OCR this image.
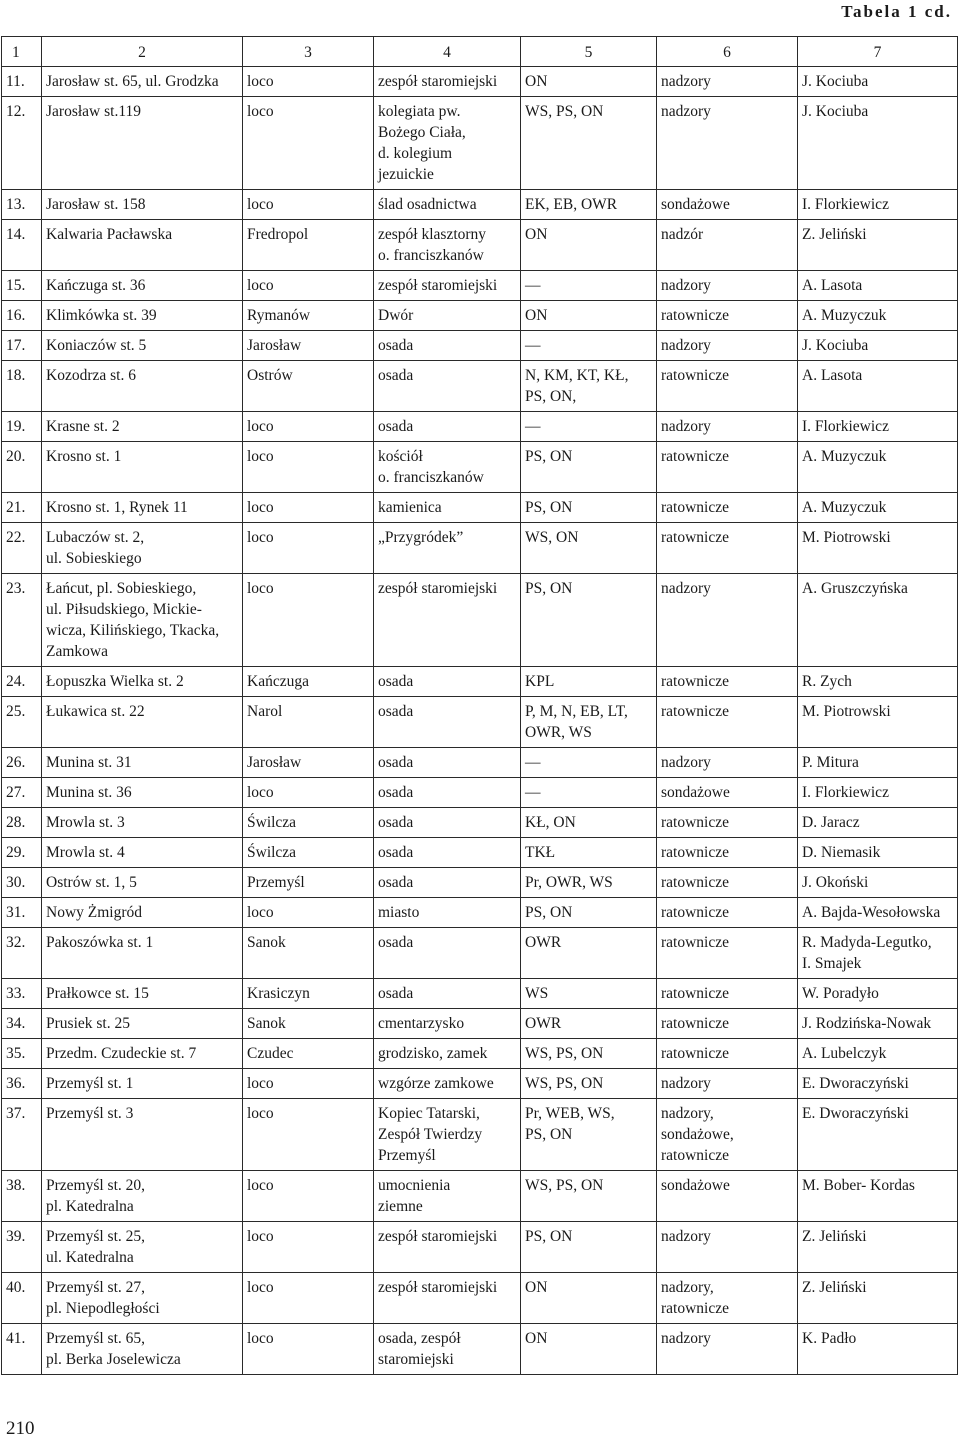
Tabela 1 cd.
1	2	3	4	5	6	7

11.	Jarosław st. 65, ul. Grodzka	loco	zespół staromiejski	ON	nadzory	J. Kociuba

12.	Jarosław st.119	loco	kolegiata pw.
Bożego Ciała,
d. kolegium
jezuickie	WS, PS, ON	nadzory	J. Kociuba

13.	Jarosław st. 158	loco	ślad osadnictwa	EK, EB, OWR	sondażowe	I. Florkiewicz

14.	Kalwaria Pacławska	Fredropol	zespół klasztorny
o. franciszkanów	ON	nadzór	Z. Jeliński

15.	Kańczuga st. 36	loco	zespół staromiejski	—	nadzory	A. Lasota

16.	Klimkówka st. 39	Rymanów	Dwór	ON	ratownicze	A. Muzyczuk

17.	Koniaczów st. 5	Jarosław	osada	—	nadzory	J. Kociuba

18.	Kozodrza st. 6	Ostrów	osada	N, KM, KT, KŁ,
PS, ON,	ratownicze	A. Lasota

19.	Krasne st. 2	loco	osada	—	nadzory	I. Florkiewicz

20.	Krosno st. 1	loco	kościół
o. franciszkanów	PS, ON	ratownicze	A. Muzyczuk

21.	Krosno st. 1, Rynek 11	loco	kamienica	PS, ON	ratownicze	A. Muzyczuk

22.	Lubaczów st. 2,
ul. Sobieskiego	loco	„Przygródek”	WS, ON	ratownicze	M. Piotrowski

23.	Łańcut, pl. Sobieskiego,
ul. Piłsudskiego, Mickie-
wicza, Kilińskiego, Tkacka,
Zamkowa	loco	zespół staromiejski	PS, ON	nadzory	A. Gruszczyńska

24.	Łopuszka Wielka st. 2	Kańczuga	osada	KPL	ratownicze	R. Zych

25.	Łukawica st. 22	Narol	osada	P, M, N, EB, LT,
OWR, WS	ratownicze	M. Piotrowski

26.	Munina st. 31	Jarosław	osada	—	nadzory	P. Mitura

27.	Munina st. 36	loco	osada	—	sondażowe	I. Florkiewicz

28.	Mrowla st. 3	Świlcza	osada	KŁ, ON	ratownicze	D. Jaracz

29.	Mrowla st. 4	Świlcza	osada	TKŁ	ratownicze	D. Niemasik

30.	Ostrów st. 1, 5	Przemyśl	osada	Pr, OWR, WS	ratownicze	J. Okoński

31.	Nowy Żmigród	loco	miasto	PS, ON	ratownicze	A. Bajda-Wesołowska

32.	Pakoszówka st. 1	Sanok	osada	OWR	ratownicze	R. Madyda-Legutko,
I. Smajek

33.	Prałkowce st. 15	Krasiczyn	osada	WS	ratownicze	W. Poradyło

34.	Prusiek st. 25	Sanok	cmentarzysko	OWR	ratownicze	J. Rodzińska-Nowak

35.	Przedm. Czudeckie st. 7	Czudec	grodzisko, zamek	WS, PS, ON	ratownicze	A. Lubelczyk

36.	Przemyśl st. 1	loco	wzgórze zamkowe	WS, PS, ON	nadzory	E. Dworaczyński

37.	Przemyśl st. 3	loco	Kopiec Tatarski,
Zespół Twierdzy
Przemyśl	Pr, WEB, WS,
PS, ON	nadzory,
sondażowe,
ratownicze	E. Dworaczyński

38.	Przemyśl st. 20,
pl. Katedralna	loco	umocnienia
ziemne	WS, PS, ON	sondażowe	M. Bober- Kordas

39.	Przemyśl st. 25,
ul. Katedralna	loco	zespół staromiejski	PS, ON	nadzory	Z. Jeliński

40.	Przemyśl st. 27,
pl. Niepodległości	loco	zespół staromiejski	ON	nadzory,
ratownicze	Z. Jeliński

41.	Przemyśl st. 65,
pl. Berka Joselewicza	loco	osada, zespół
staromiejski	ON	nadzory	K. Padło
210
